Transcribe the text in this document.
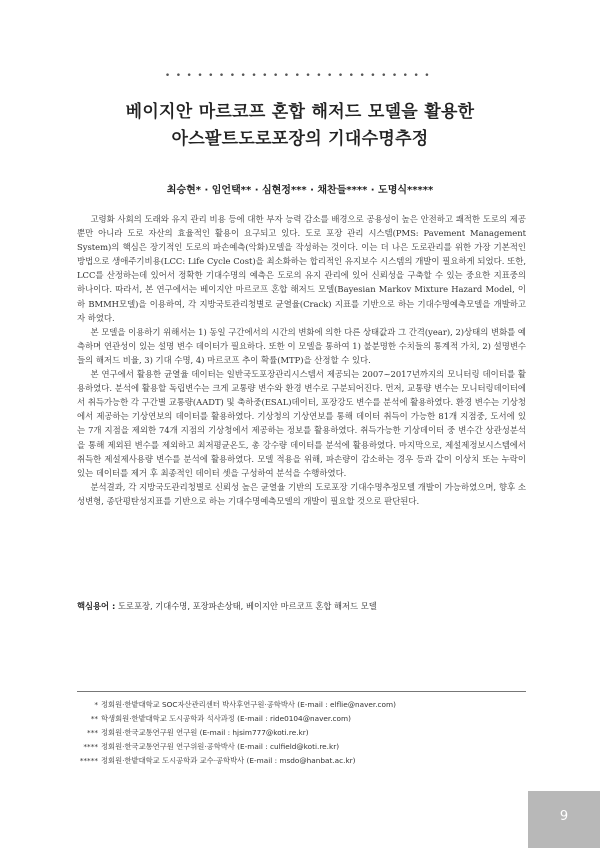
•••••••••••••••••••••••••
베이지안 마르코프 혼합 해저드 모델을 활용한
아스팔트도로포장의 기대수명추정
최승현* · 임언택** · 심현정*** · 채찬들**** · 도명식*****

고령화 사회의 도래와 유지 관리 비용 등에 대한 부자 능력 감소를 배경으로 공용성이 높은 안전하고 쾌적한 도로의 제공뿐만 아니라 도로 자산의 효율적인 활용이 요구되고 있다. 도로 포장 관리 시스템(PMS: Pavement Management System)의 핵심은 장기적인 도로의 파손예측(악화)모델을 작성하는 것이다. 이는 더 나은 도로관리를 위한 가장 기본적인 방법으로 생애주기비용(LCC: Life Cycle Cost)을 최소화하는 합리적인 유지보수 시스템의 개발이 필요하게 되었다. 또한, LCC를 산정하는데 있어서 정확한 기대수명의 예측은 도로의 유지 관리에 있어 신뢰성을 구축할 수 있는 중요한 지표중의 하나이다. 따라서, 본 연구에서는 베이지안 마르코프 혼합 해저드 모델(Bayesian Markov Mixture Hazard Model, 이하 BMMH모델)을 이용하여, 각 지방국토관리청별로 균열율(Crack) 지표를 기반으로 하는 기대수명예측모델을 개발하고자 하였다.

본 모델을 이용하기 위해서는 1) 동일 구간에서의 시간의 변화에 의한 다른 상태값과 그 간격(year), 2)상태의 변화를 예측하며 연관성이 있는 설명 변수 데이터가 필요하다. 또한 이 모델을 통하여 1) 불분명한 수치들의 통계적 가치, 2) 설명변수들의 해저드 비율, 3) 기대 수명, 4) 마르코프 추이 확률(MTP)을 산정할 수 있다.

본 연구에서 활용한 균열율 데이터는 일반국도포장관리시스템서 제공되는 2007~2017년까지의 모니터링 데이터를 활용하였다. 분석에 활용할 독립변수는 크게 교통량 변수와 환경 변수로 구분되어진다. 먼저, 교통량 변수는 모니터링데이터에서 취득가능한 각 구간별 교통량(AADT) 및 축하중(ESAL)데이터, 포장강도 변수를 분석에 활용하였다. 환경 변수는 기상청에서 제공하는 기상연보의 데이터를 활용하였다. 기상청의 기상연보를 통해 데이터 취득이 가능한 81개 지점중, 도서에 있는 7개 지점을 제외한 74개 지점의 기상청에서 제공하는 정보를 활용하였다. 취득가능한 기상데이터 중 변수간 상관성분석을 통해 제외된 변수를 제외하고 최저평균온도, 총 강수량 데이터를 분석에 활용하였다. 마지막으로, 제설제정보시스템에서 취득한 제설제사용량 변수를 분석에 활용하였다. 모델 적용을 위해, 파손량이 감소하는 경우 등과 같이 이상치 또는 누락이 있는 데이터를 제거 후 최종적인 데이터 셋을 구성하여 분석을 수행하였다.

분석결과, 각 지방국도관리청별로 신뢰성 높은 균열율 기반의 도로포장 기대수명추정모델 개발이 가능하였으며, 향후 소성변형, 종단평탄성지표를 기반으로 하는 기대수명예측모델의 개발이 필요할 것으로 판단된다.

핵심용어 : 도로포장, 기대수명, 포장파손상태, 베이지안 마르코프 혼합 해저드 모델
* 정회원·한밭대학교 SOC자산관리센터 박사후연구원·공학박사 (E-mail : elflie@naver.com)
** 학생회원·한밭대학교 도시공학과 석사과정 (E-mail : ride0104@naver.com)
*** 정회원·한국교통연구원 연구원 (E-mail : hjsim777@koti.re.kr)
**** 정회원·한국교통연구원 연구위원·공학박사 (E-mail : culfield@koti.re.kr)
***** 정회원·한밭대학교 도시공학과 교수·공학박사 (E-mail : msdo@hanbat.ac.kr)
9
